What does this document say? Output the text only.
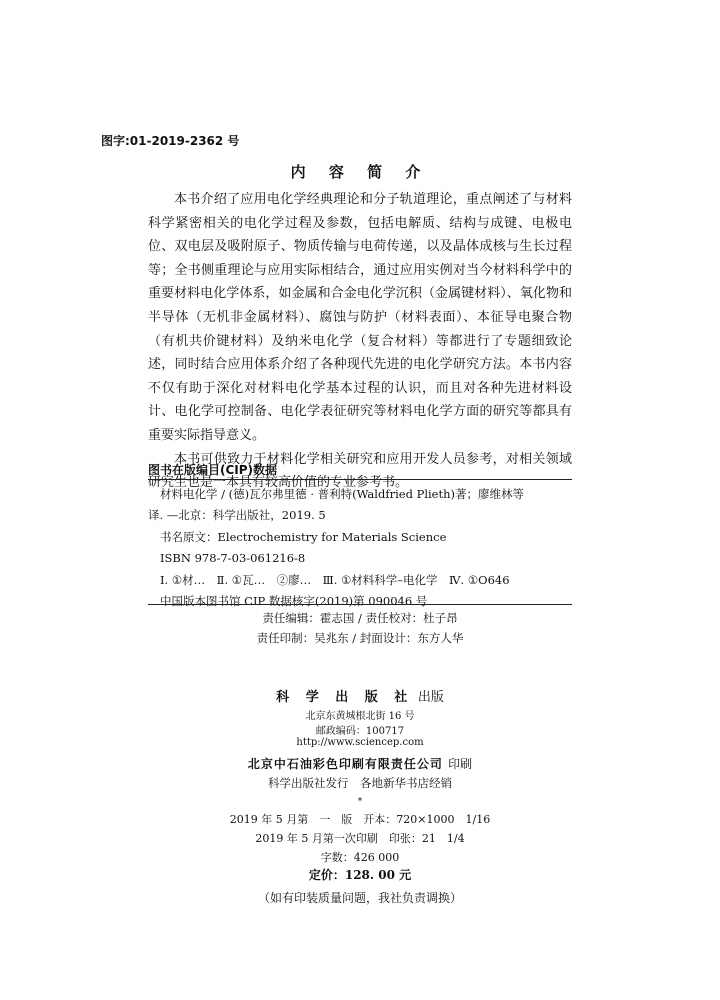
图字:01-2019-2362 号
内 容 简 介

本书介绍了应用电化学经典理论和分子轨道理论，重点阐述了与材料科学紧密相关的电化学过程及参数，包括电解质、结构与成键、电极电位、双电层及吸附原子、物质传输与电荷传递，以及晶体成核与生长过程等；全书侧重理论与应用实际相结合，通过应用实例对当今材料科学中的重要材料电化学体系，如金属和合金电化学沉积（金属键材料）、氧化物和半导体（无机非金属材料）、腐蚀与防护（材料表面）、本征导电聚合物（有机共价键材料）及纳米电化学（复合材料）等都进行了专题细致论述，同时结合应用体系介绍了各种现代先进的电化学研究方法。本书内容不仅有助于深化对材料电化学基本过程的认识，而且对各种先进材料设计、电化学可控制备、电化学表征研究等材料电化学方面的研究等都具有重要实际指导意义。

本书可供致力于材料化学相关研究和应用开发人员参考，对相关领域研究生也是一本具有较高价值的专业参考书。

图书在版编目(CIP)数据
材料电化学 / (德)瓦尔弗里德 · 普利特(Waldfried Plieth)著；廖维林等
译. —北京：科学出版社，2019. 5
书名原文：Electrochemistry for Materials Science
ISBN 978-7-03-061216-8
Ⅰ. ①材…　Ⅱ. ①瓦…　②廖…　Ⅲ. ①材料科学–电化学　Ⅳ. ①O646
中国版本图书馆 CIP 数据核字(2019)第 090046 号
责任编辑：霍志国 / 责任校对：杜子昂
责任印制：吴兆东 / 封面设计：东方人华
科 学 出 版 社 出版
北京东黄城根北街 16 号
邮政编码：100717
http://www.sciencep.com
北京中石油彩色印刷有限责任公司 印刷
科学出版社发行　各地新华书店经销
*
2019 年 5 月第　一　版　开本：720×1000　1/16
2019 年 5 月第一次印刷　印张：21　1/4
字数：426 000
定价：128. 00 元
（如有印装质量问题，我社负责调换）
